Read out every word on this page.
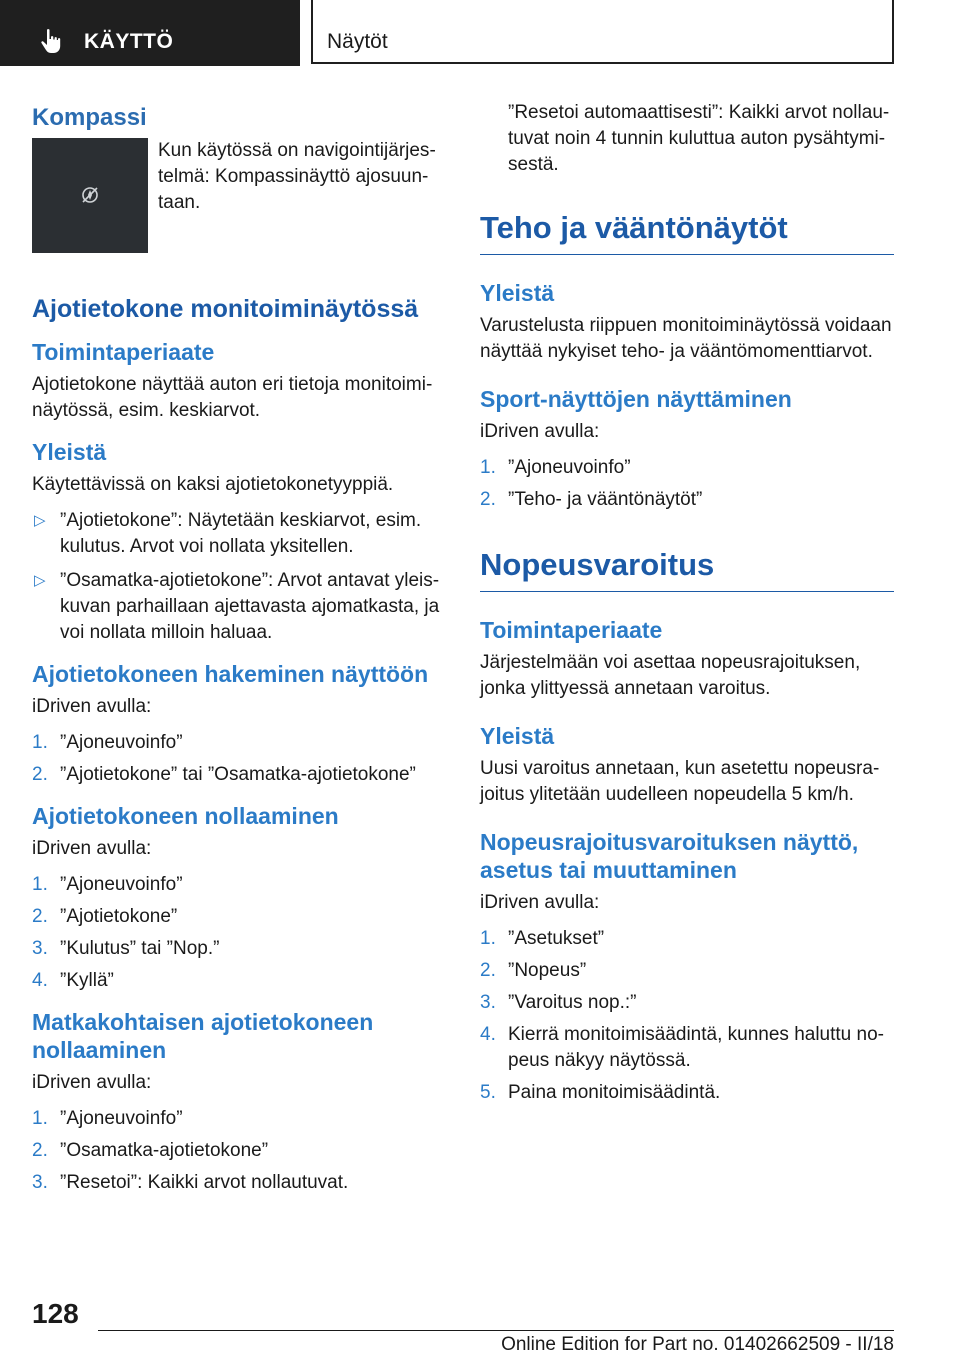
KÄYTTÖ	Näytöt
Kompassi
Kun käytössä on navigointijärjestelmä: Kompassinäyttö ajosuuntaan.
Ajotietokone monitoiminäytössä
Toimintaperiaate

Ajotietokone näyttää auton eri tietoja monitoiminäytössä, esim. keskiarvot.

Yleistä

Käytettävissä on kaksi ajotietokonetyyppiä.

▷ ”Ajotietokone”: Näytetään keskiarvot, esim. kulutus. Arvot voi nollata yksitellen.
▷ ”Osamatka-ajotietokone”: Arvot antavat yleiskuvan parhaillaan ajettavasta ajomatkasta, ja voi nollata milloin haluaa.
Ajotietokoneen hakeminen näyttöön

iDriven avulla:

1. ”Ajoneuvoinfo”
2. ”Ajotietokone” tai ”Osamatka-ajotietokone”
Ajotietokoneen nollaaminen

iDriven avulla:

1. ”Ajoneuvoinfo”
2. ”Ajotietokone”
3. ”Kulutus” tai ”Nop.”
4. ”Kyllä”
Matkakohtaisen ajotietokoneen nollaaminen

iDriven avulla:

1. ”Ajoneuvoinfo”
2. ”Osamatka-ajotietokone”
3. ”Resetoi”: Kaikki arvot nollautuvat.

”Resetoi automaattisesti”: Kaikki arvot nollautuvat noin 4 tunnin kuluttua auton pysähtymisestä.

Teho ja vääntönäytöt
Yleistä

Varustelusta riippuen monitoiminäytössä voidaan näyttää nykyiset teho- ja vääntömomenttiarvot.

Sport-näyttöjen näyttäminen

iDriven avulla:

1. ”Ajoneuvoinfo”
2. ”Teho- ja vääntönäytöt”
Nopeusvaroitus
Toimintaperiaate

Järjestelmään voi asettaa nopeusrajoituksen, jonka ylittyessä annetaan varoitus.

Yleistä

Uusi varoitus annetaan, kun asetettu nopeusrajoitus ylitetään uudelleen nopeudella 5 km/h.

Nopeusrajoitusvaroituksen näyttö, asetus tai muuttaminen

iDriven avulla:

1. ”Asetukset”
2. ”Nopeus”
3. ”Varoitus nop.:”
4. Kierrä monitoimisäädintä, kunnes haluttu nopeus näkyy näytössä.
5. Paina monitoimisäädintä.
128
Online Edition for Part no. 01402662509 - II/18
